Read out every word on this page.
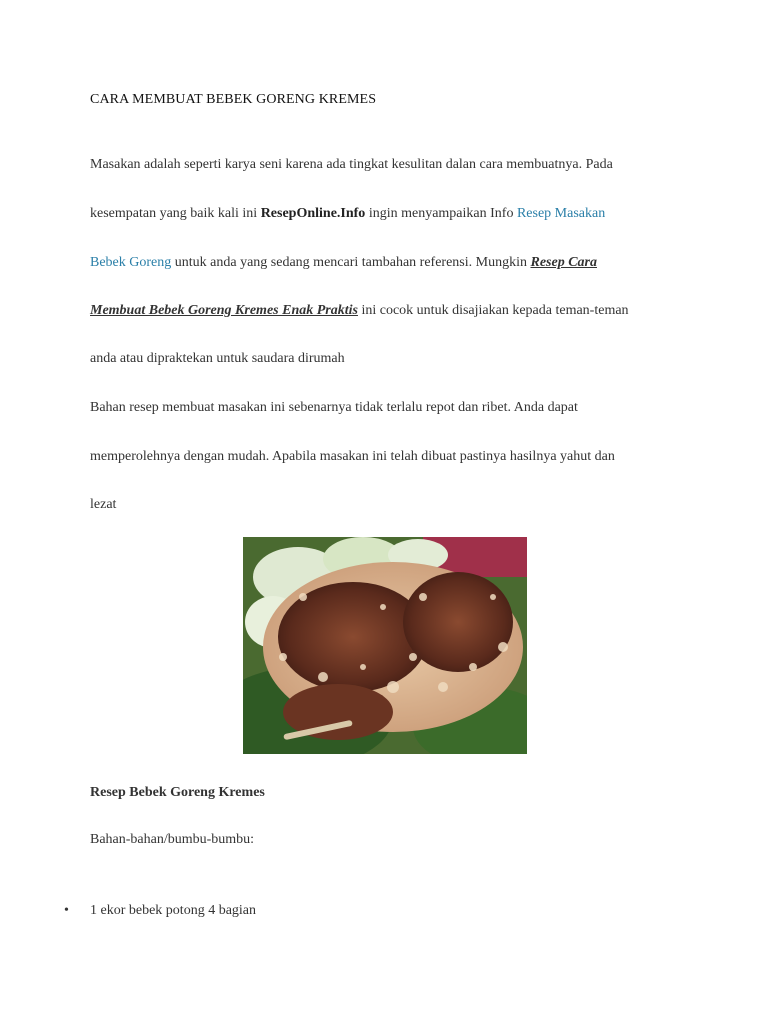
CARA MEMBUAT BEBEK GORENG KREMES
Masakan adalah seperti karya seni karena ada tingkat kesulitan dalan cara membuatnya. Pada
kesempatan yang baik kali ini ResepOnline.Info ingin menyampaikan Info Resep Masakan
Bebek Goreng untuk anda yang sedang mencari tambahan referensi. Mungkin Resep Cara
Membuat Bebek Goreng Kremes Enak Praktis ini cocok untuk disajiakan kepada teman-teman
anda atau dipraktekan untuk saudara dirumah
Bahan resep membuat masakan ini sebenarnya tidak terlalu repot dan ribet. Anda dapat
memperolehnya dengan mudah. Apabila masakan ini telah dibuat pastinya hasilnya yahut dan
lezat
Resep Bebek Goreng Kremes
Bahan-bahan/bumbu-bumbu:
• 1 ekor bebek potong 4 bagian
